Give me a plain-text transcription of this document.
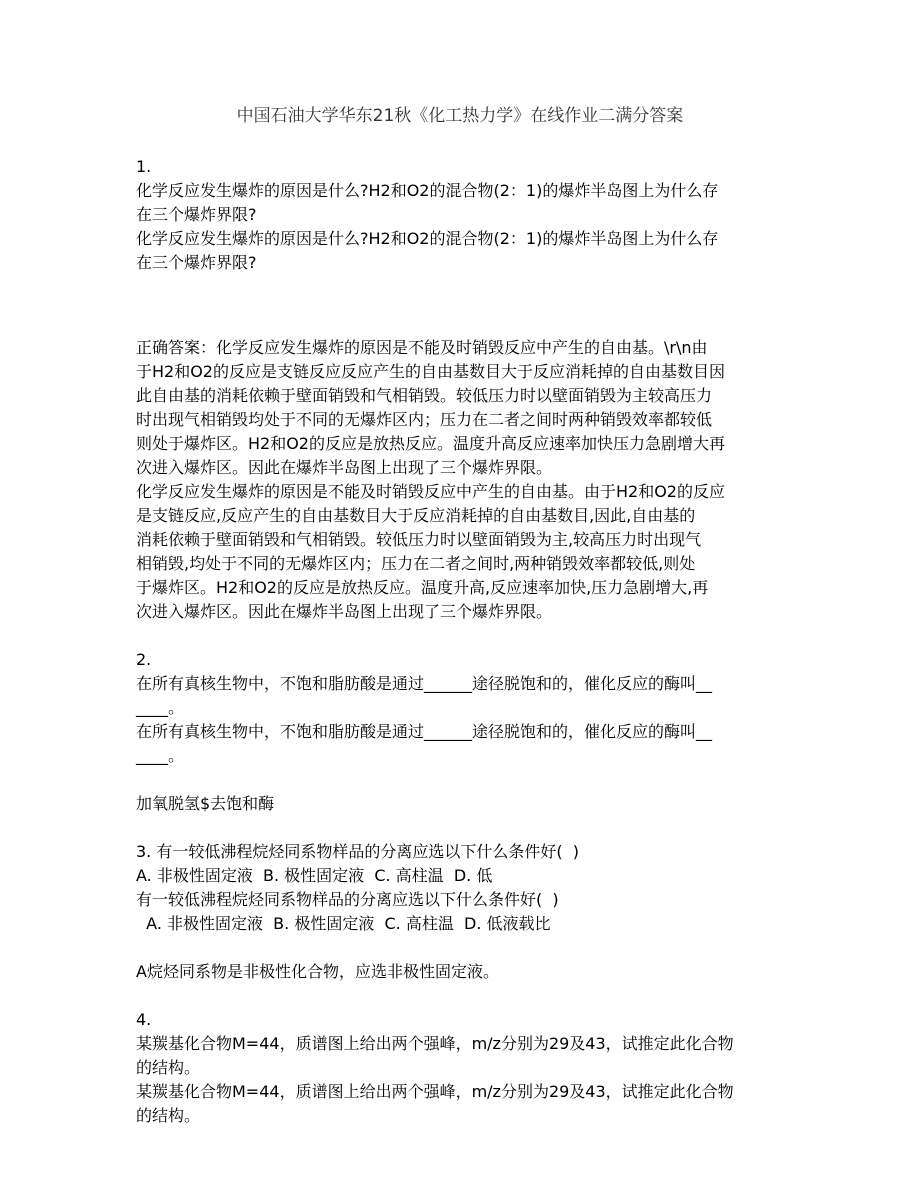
中国石油大学华东21秋《化工热力学》在线作业二满分答案
1.
化学反应发生爆炸的原因是什么?H2和O2的混合物(2：1)的爆炸半岛图上为什么存
在三个爆炸界限?
化学反应发生爆炸的原因是什么?H2和O2的混合物(2：1)的爆炸半岛图上为什么存
在三个爆炸界限?
正确答案：化学反应发生爆炸的原因是不能及时销毁反应中产生的自由基。\r\n由
于H2和O2的反应是支链反应反应产生的自由基数目大于反应消耗掉的自由基数目因
此自由基的消耗依赖于壁面销毁和气相销毁。较低压力时以壁面销毁为主较高压力
时出现气相销毁均处于不同的无爆炸区内；压力在二者之间时两种销毁效率都较低
则处于爆炸区。H2和O2的反应是放热反应。温度升高反应速率加快压力急剧增大再
次进入爆炸区。因此在爆炸半岛图上出现了三个爆炸界限。
化学反应发生爆炸的原因是不能及时销毁反应中产生的自由基。由于H2和O2的反应
是支链反应,反应产生的自由基数目大于反应消耗掉的自由基数目,因此,自由基的
消耗依赖于壁面销毁和气相销毁。较低压力时以壁面销毁为主,较高压力时出现气
相销毁,均处于不同的无爆炸区内；压力在二者之间时,两种销毁效率都较低,则处
于爆炸区。H2和O2的反应是放热反应。温度升高,反应速率加快,压力急剧增大,再
次进入爆炸区。因此在爆炸半岛图上出现了三个爆炸界限。
2.
在所有真核生物中，不饱和脂肪酸是通过______途径脱饱和的，催化反应的酶叫__
____。
在所有真核生物中，不饱和脂肪酸是通过______途径脱饱和的，催化反应的酶叫__
____。
加氧脱氢$去饱和酶
3. 有一较低沸程烷烃同系物样品的分离应选以下什么条件好(  )
A. 非极性固定液  B. 极性固定液  C. 高柱温  D. 低
有一较低沸程烷烃同系物样品的分离应选以下什么条件好(  )
A. 非极性固定液  B. 极性固定液  C. 高柱温  D. 低液载比
A烷烃同系物是非极性化合物，应选非极性固定液。
4.
某羰基化合物M=44，质谱图上给出两个强峰，m/z分别为29及43，试推定此化合物
的结构。
某羰基化合物M=44，质谱图上给出两个强峰，m/z分别为29及43，试推定此化合物
的结构。
